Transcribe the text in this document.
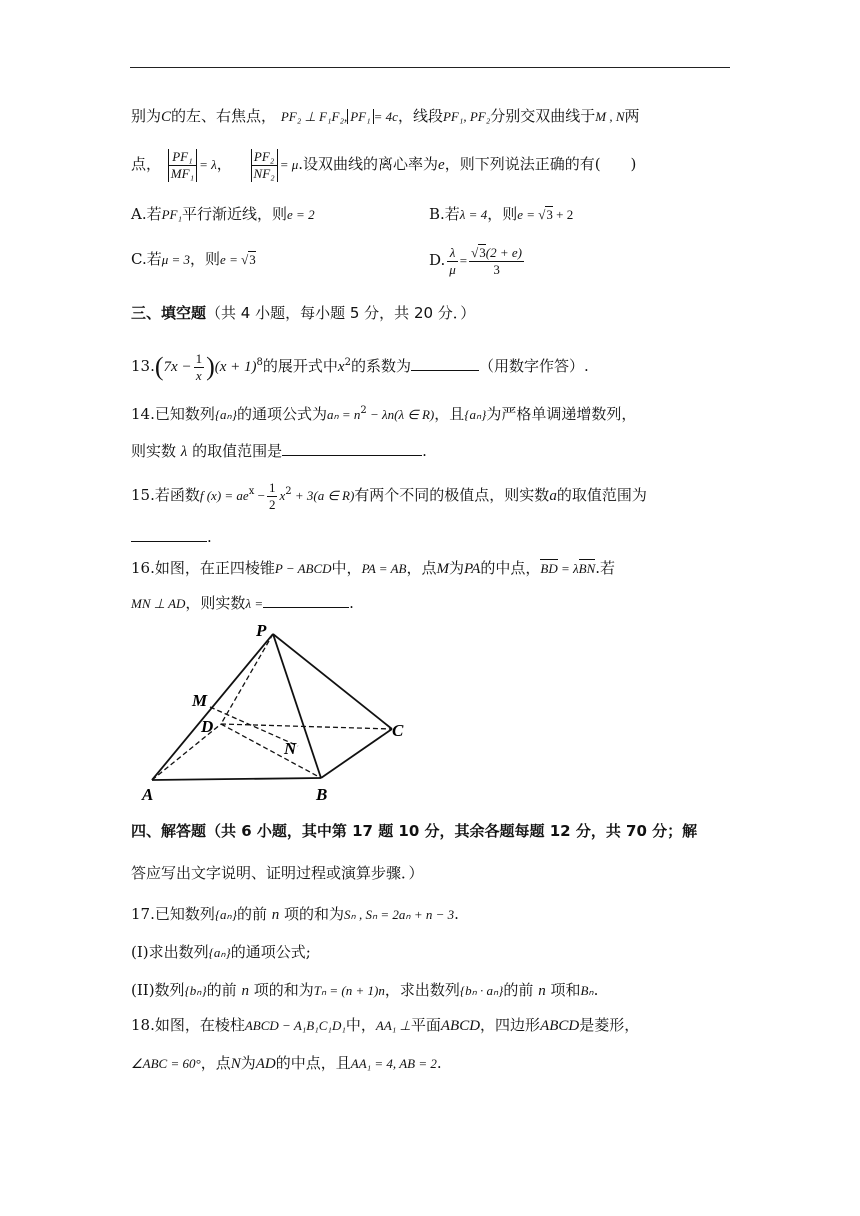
别为C的左、右焦点， PF₂ ⊥ F₁F₂, PF₁ = 4c，线段PF₁, PF₂分别交双曲线于M , N两
点， $\frac{\text{PF₁}}{\text{MF₁}} = \lambda$， $\frac{\text{PF₂}}{\text{NF₂}} = \mu$.设双曲线的离心率为e，则下列说法正确的有(　　)
A.若PF₁平行渐近线，则e = 2	B.若λ = 4，则e = √3 + 2
C.若μ = 3，则e = √3	D. $\frac{\lambda}{\mu} = \frac{√3(2 + e)}{3}$
三、填空题（共 4 小题，每小题 5 分，共 20 分．）
$13.(7x - \frac{1}{x} )(x + 1)^8$的展开式中$x^2$的系数为	（用数字作答）.
14.已知数列{aₙ}的通项公式为$a_n = n^2 - \lambda n(\lambda$ ∈ R)，且{aₙ}为严格单调递增数列，
则实数 λ 的取值范围是	.
15.若函数f $(x) = ae^x - \frac{1}{2} x^2 + 3(a$ ∈ R)有两个不同的极值点，则实数a的取值范围为
.
16.如图，在正四棱锥P − ABCD中，PA = AB，点M为PA的中点，BD = λBN.若
MN ⊥ AD，则实数λ =	.
P
M
D	C
N
A	B
四、解答题（共 6 小题，其中第 17 题 10 分，其余各题每题 12 分，共 70 分；解
答应写出文字说明、证明过程或演算步骤．）
17.已知数列{aₙ}的前 n 项的和为Sₙ , Sₙ = 2aₙ + n − 3.
(I)求出数列{aₙ}的通项公式;
(II)数列{bₙ}的前 n 项的和为Tₙ = (n + 1)n，求出数列{bₙ · aₙ}的前 n 项和Bₙ.
18.如图，在棱柱ABCD − A₁B₁C₁D₁中，AA₁ ⊥平面ABCD，四边形ABCD是菱形，
∠ABC = 60°，点N为AD的中点，且AA₁ = 4, AB = 2.
